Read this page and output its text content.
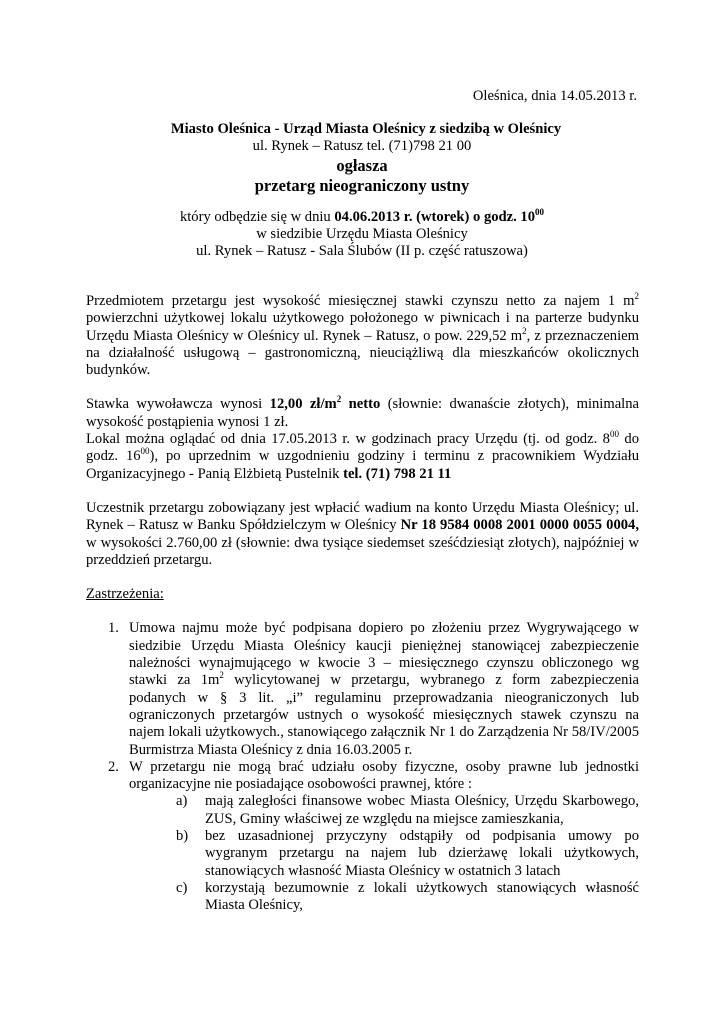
Oleśnica, dnia 14.05.2013 r.
Miasto Oleśnica - Urząd Miasta Oleśnicy z siedzibą w Oleśnicy
ul. Rynek – Ratusz tel. (71)798 21 00
ogłasza
przetarg nieograniczony ustny
który odbędzie się w dniu 04.06.2013 r. (wtorek) o godz. $10^{00}$
w siedzibie Urzędu Miasta Oleśnicy
ul. Rynek – Ratusz - Sala Ślubów (II p. część ratuszowa)

Przedmiotem przetargu jest wysokość miesięcznej stawki czynszu netto za najem 1 $m^2$ powierzchni użytkowej lokalu użytkowego położonego w piwnicach i na parterze budynku Urzędu Miasta Oleśnicy w Oleśnicy ul. Rynek – Ratusz, o pow. 229,52 $m^2$, z przeznaczeniem na działalność usługową – gastronomiczną, nieuciążliwą dla mieszkańców okolicznych budynków.

Stawka wywoławcza wynosi 12,00 $zł/m^2$ netto (słownie: dwanaście złotych), minimalna wysokość postąpienia wynosi 1 zł.

Lokal można oglądać od dnia 17.05.2013 r. w godzinach pracy Urzędu (tj. od godz. $8^{00}$ do godz. $16^{00}$), po uprzednim w uzgodnieniu godziny i terminu z pracownikiem Wydziału Organizacyjnego - Panią Elżbietą Pustelnik tel. (71) 798 21 11

Uczestnik przetargu zobowiązany jest wpłacić wadium na konto Urzędu Miasta Oleśnicy; ul. Rynek – Ratusz w Banku Spółdzielczym w Oleśnicy Nr 18 9584 0008 2001 0000 0055 0004, w wysokości 2.760,00 zł (słownie: dwa tysiące siedemset sześćdziesiąt złotych), najpóźniej w przeddzień przetargu.

Zastrzeżenia:

1. Umowa najmu może być podpisana dopiero po złożeniu przez Wygrywającego w siedzibie Urzędu Miasta Oleśnicy kaucji pieniężnej stanowiącej zabezpieczenie należności wynajmującego w kwocie 3 – miesięcznego czynszu obliczonego wg stawki za $1m^2$ wylicytowanej w przetargu, wybranego z form zabezpieczenia podanych w § 3 lit. „i” regulaminu przeprowadzania nieograniczonych lub ograniczonych przetargów ustnych o wysokość miesięcznych stawek czynszu na najem lokali użytkowych., stanowiącego załącznik Nr 1 do Zarządzenia Nr 58/IV/2005 Burmistrza Miasta Oleśnicy z dnia 16.03.2005 r.
2. W przetargu nie mogą brać udziału osoby fizyczne, osoby prawne lub jednostki organizacyjne nie posiadające osobowości prawnej, które :
a) mają zaległości finansowe wobec Miasta Oleśnicy, Urzędu Skarbowego, ZUS, Gminy właściwej ze względu na miejsce zamieszkania,
b) bez uzasadnionej przyczyny odstąpiły od podpisania umowy po wygranym przetargu na najem lub dzierżawę lokali użytkowych, stanowiących własność Miasta Oleśnicy w ostatnich 3 latach
c) korzystają bezumownie z lokali użytkowych stanowiących własność Miasta Oleśnicy,
